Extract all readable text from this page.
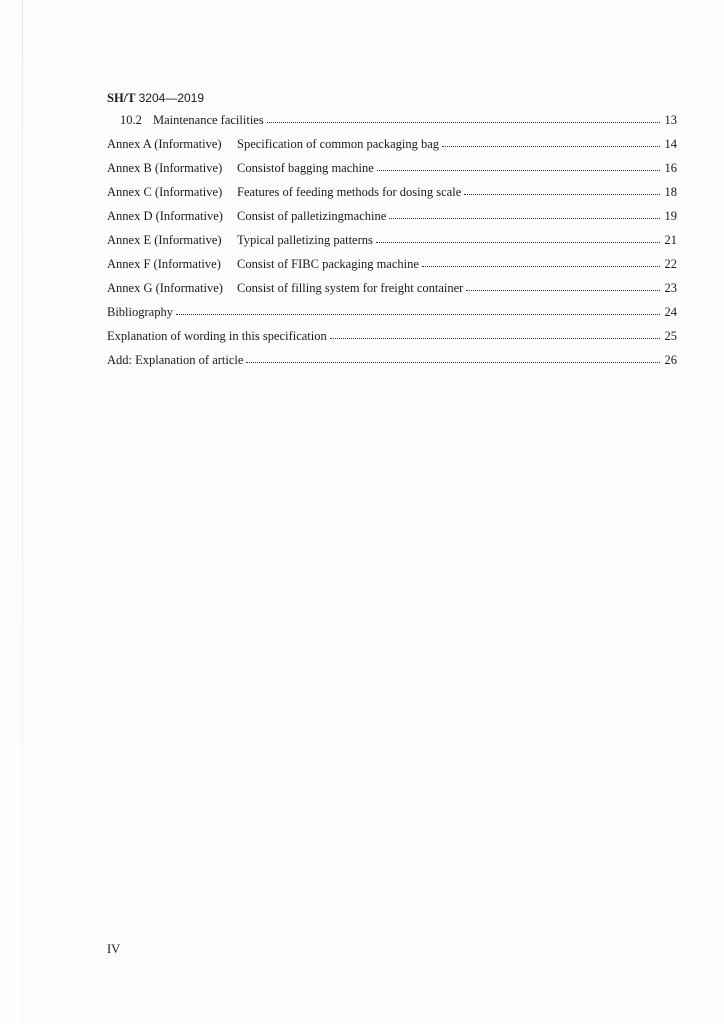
SH/T 3204—2019
10.2 Maintenance facilities	13
Annex A (Informative)	Specification of common packaging bag	14
Annex B (Informative)	Consistof bagging machine	16
Annex C (Informative)	Features of feeding methods for dosing scale	18
Annex D (Informative)	Consist of palletizingmachine	19
Annex E (Informative)	Typical palletizing patterns	21
Annex F (Informative)	Consist of FIBC packaging machine	22
Annex G (Informative)	Consist of filling system for freight container	23
Bibliography	24
Explanation of wording in this specification	25
Add: Explanation of article	26
IV
